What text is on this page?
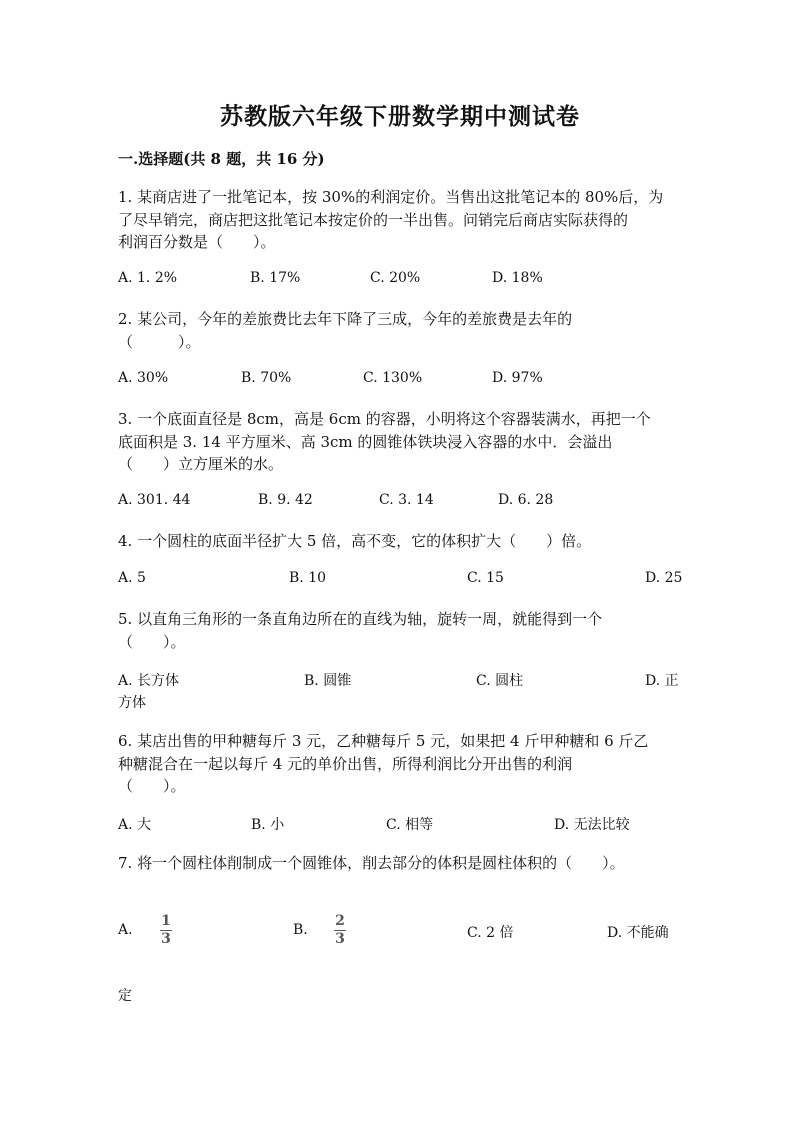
苏教版六年级下册数学期中测试卷
一.选择题(共 8 题，共 16 分)
1. 某商店进了一批笔记本，按 30%的利润定价。当售出这批笔记本的 80%后，为
了尽早销完，商店把这批笔记本按定价的一半出售。问销完后商店实际获得的
利润百分数是（　　）。
A. 1. 2%	B. 17%	C. 20%	D. 18%
2. 某公司，今年的差旅费比去年下降了三成，今年的差旅费是去年的
（　　　）。
A. 30%	B. 70%	C. 130%	D. 97%
3. 一个底面直径是 8cm，高是 6cm 的容器，小明将这个容器装满水，再把一个
底面积是 3. 14 平方厘米、高 3cm 的圆锥体铁块浸入容器的水中．会溢出
（　　）立方厘米的水。
A. 301. 44	B. 9. 42	C. 3. 14	D. 6. 28
4. 一个圆柱的底面半径扩大 5 倍，高不变，它的体积扩大（　　）倍。
A. 5	B. 10	C. 15	D. 25
5. 以直角三角形的一条直角边所在的直线为轴，旋转一周，就能得到一个
（　　）。
A. 长方体	B. 圆锥	C. 圆柱	D. 正
方体
6. 某店出售的甲种糖每斤 3 元，乙种糖每斤 5 元，如果把 4 斤甲种糖和 6 斤乙
种糖混合在一起以每斤 4 元的单价出售，所得利润比分开出售的利润
（　　）。
A. 大	B. 小	C. 相等	D. 无法比较
7. 将一个圆柱体削制成一个圆锥体，削去部分的体积是圆柱体积的（　　）。
A.
1
3
B.
2
3	C. 2 倍	D. 不能确
定
